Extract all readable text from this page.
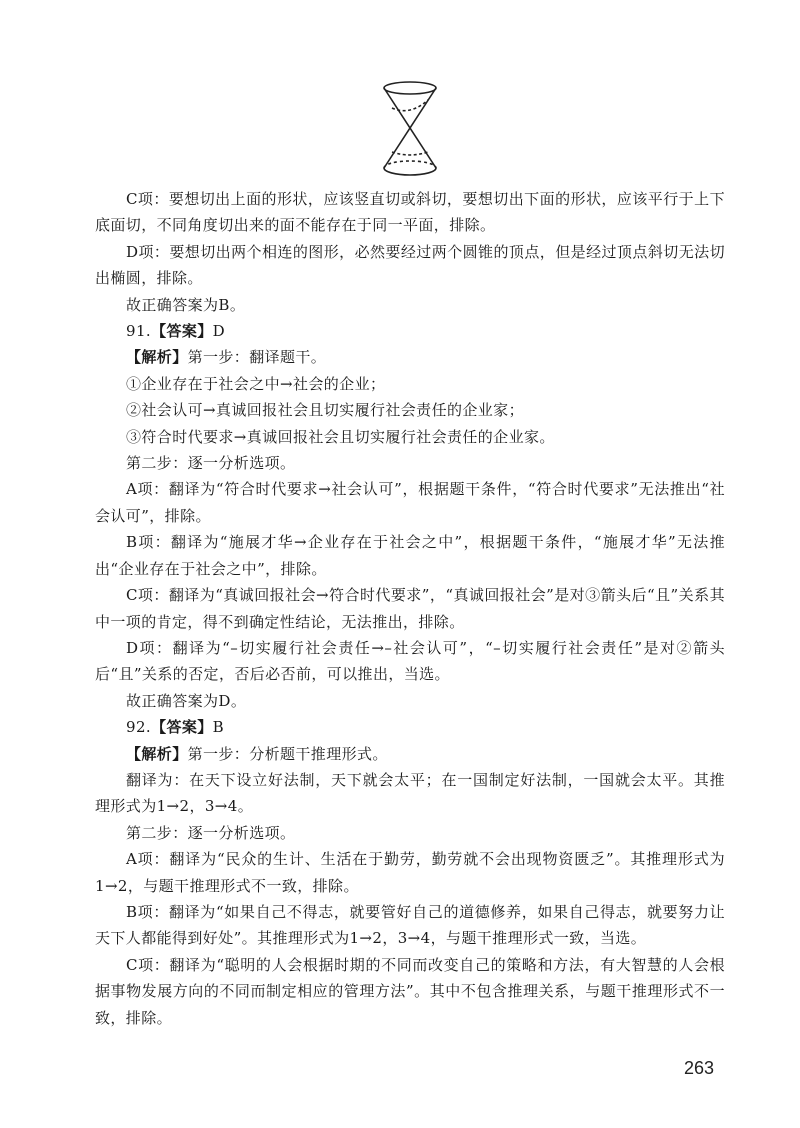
C项：要想切出上面的形状，应该竖直切或斜切，要想切出下面的形状，应该平行于上下底面切，不同角度切出来的面不能存在于同一平面，排除。

D项：要想切出两个相连的图形，必然要经过两个圆锥的顶点，但是经过顶点斜切无法切出椭圆，排除。

故正确答案为B。

91.【答案】D

【解析】第一步：翻译题干。

①企业存在于社会之中→社会的企业；

②社会认可→真诚回报社会且切实履行社会责任的企业家；

③符合时代要求→真诚回报社会且切实履行社会责任的企业家。

第二步：逐一分析选项。

A项：翻译为“符合时代要求→社会认可”，根据题干条件，“符合时代要求”无法推出“社会认可”，排除。

B项：翻译为“施展才华→企业存在于社会之中”，根据题干条件，“施展才华”无法推出“企业存在于社会之中”，排除。

C项：翻译为“真诚回报社会→符合时代要求”，“真诚回报社会”是对③箭头后“且”关系其中一项的肯定，得不到确定性结论，无法推出，排除。

D项：翻译为“–切实履行社会责任→–社会认可”，“–切实履行社会责任”是对②箭头后“且”关系的否定，否后必否前，可以推出，当选。

故正确答案为D。

92.【答案】B

【解析】第一步：分析题干推理形式。

翻译为：在天下设立好法制，天下就会太平；在一国制定好法制，一国就会太平。其推理形式为1→2，3→4。

第二步：逐一分析选项。

A项：翻译为“民众的生计、生活在于勤劳，勤劳就不会出现物资匮乏”。其推理形式为1→2，与题干推理形式不一致，排除。

B项：翻译为“如果自己不得志，就要管好自己的道德修养，如果自己得志，就要努力让天下人都能得到好处”。其推理形式为1→2，3→4，与题干推理形式一致，当选。

C项：翻译为“聪明的人会根据时期的不同而改变自己的策略和方法，有大智慧的人会根据事物发展方向的不同而制定相应的管理方法”。其中不包含推理关系，与题干推理形式不一致，排除。

263
